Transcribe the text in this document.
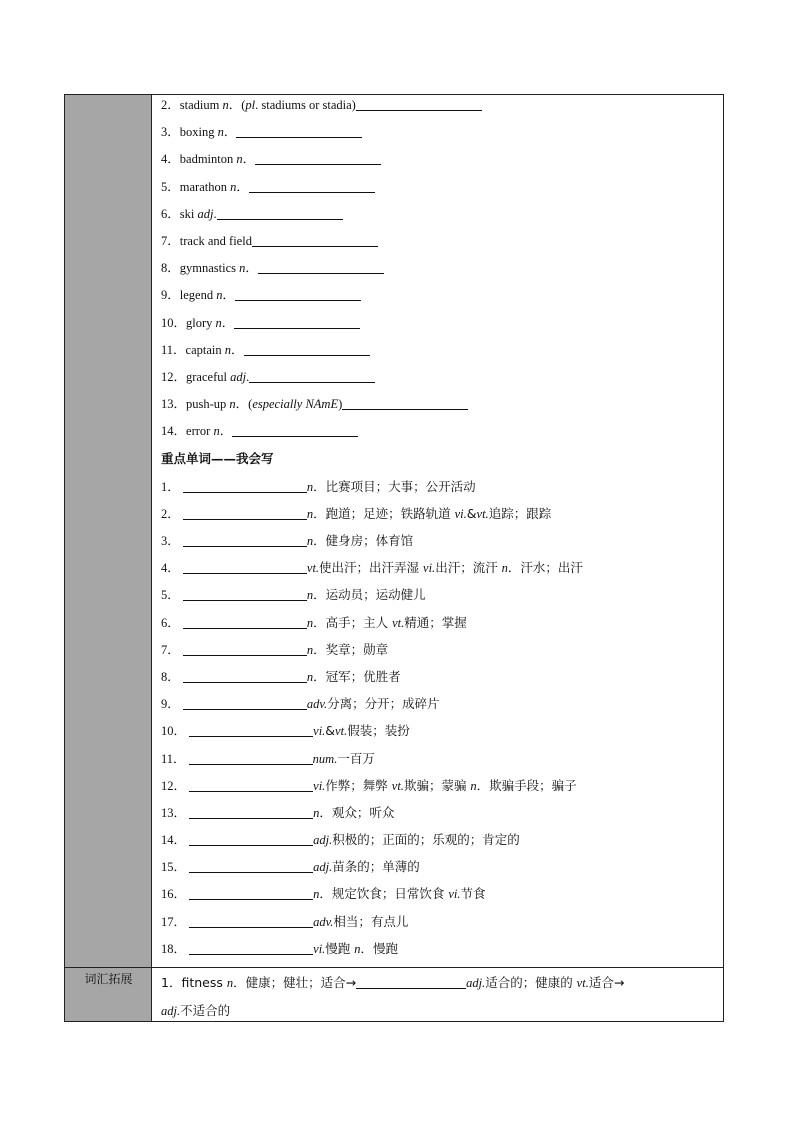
词汇拓展
2．stadium n．(pl. stadiums or stadia)
3．boxing n．
4．badminton n．
5．marathon n．
6．ski adj.
7．track and field
8．gymnastics n．
9．legend n．
10．glory n．
11．captain n．
12．graceful adj.
13．push-up n．(especially NAmE)
14．error n．
重点单词——我会写
1．	n．比赛项目；大事；公开活动
2．	n．跑道；足迹；铁路轨道 vi.&vt.追踪；跟踪
3．	n．健身房；体育馆
4．	vt.使出汗；出汗弄湿 vi.出汗；流汗 n．汗水；出汗
5．	n．运动员；运动健儿
6．	n．高手；主人 vt.精通；掌握
7．	n．奖章；勋章
8．	n．冠军；优胜者
9．	adv.分离；分开；成碎片
10．	vi.&vt.假装；装扮
11．	num.一百万
12．	vi.作弊；舞弊 vt.欺骗；蒙骗 n．欺骗手段；骗子
13．	n．观众；听众
14．	adj.积极的；正面的；乐观的；肯定的
15．	adj.苗条的；单薄的
16．	n．规定饮食；日常饮食 vi.节食
17．	adv.相当；有点儿
18．	vi.慢跑 n．慢跑
1．fitness n．健康；健壮；适合→	adj.适合的；健康的 vt.适合→
adj.不适合的
